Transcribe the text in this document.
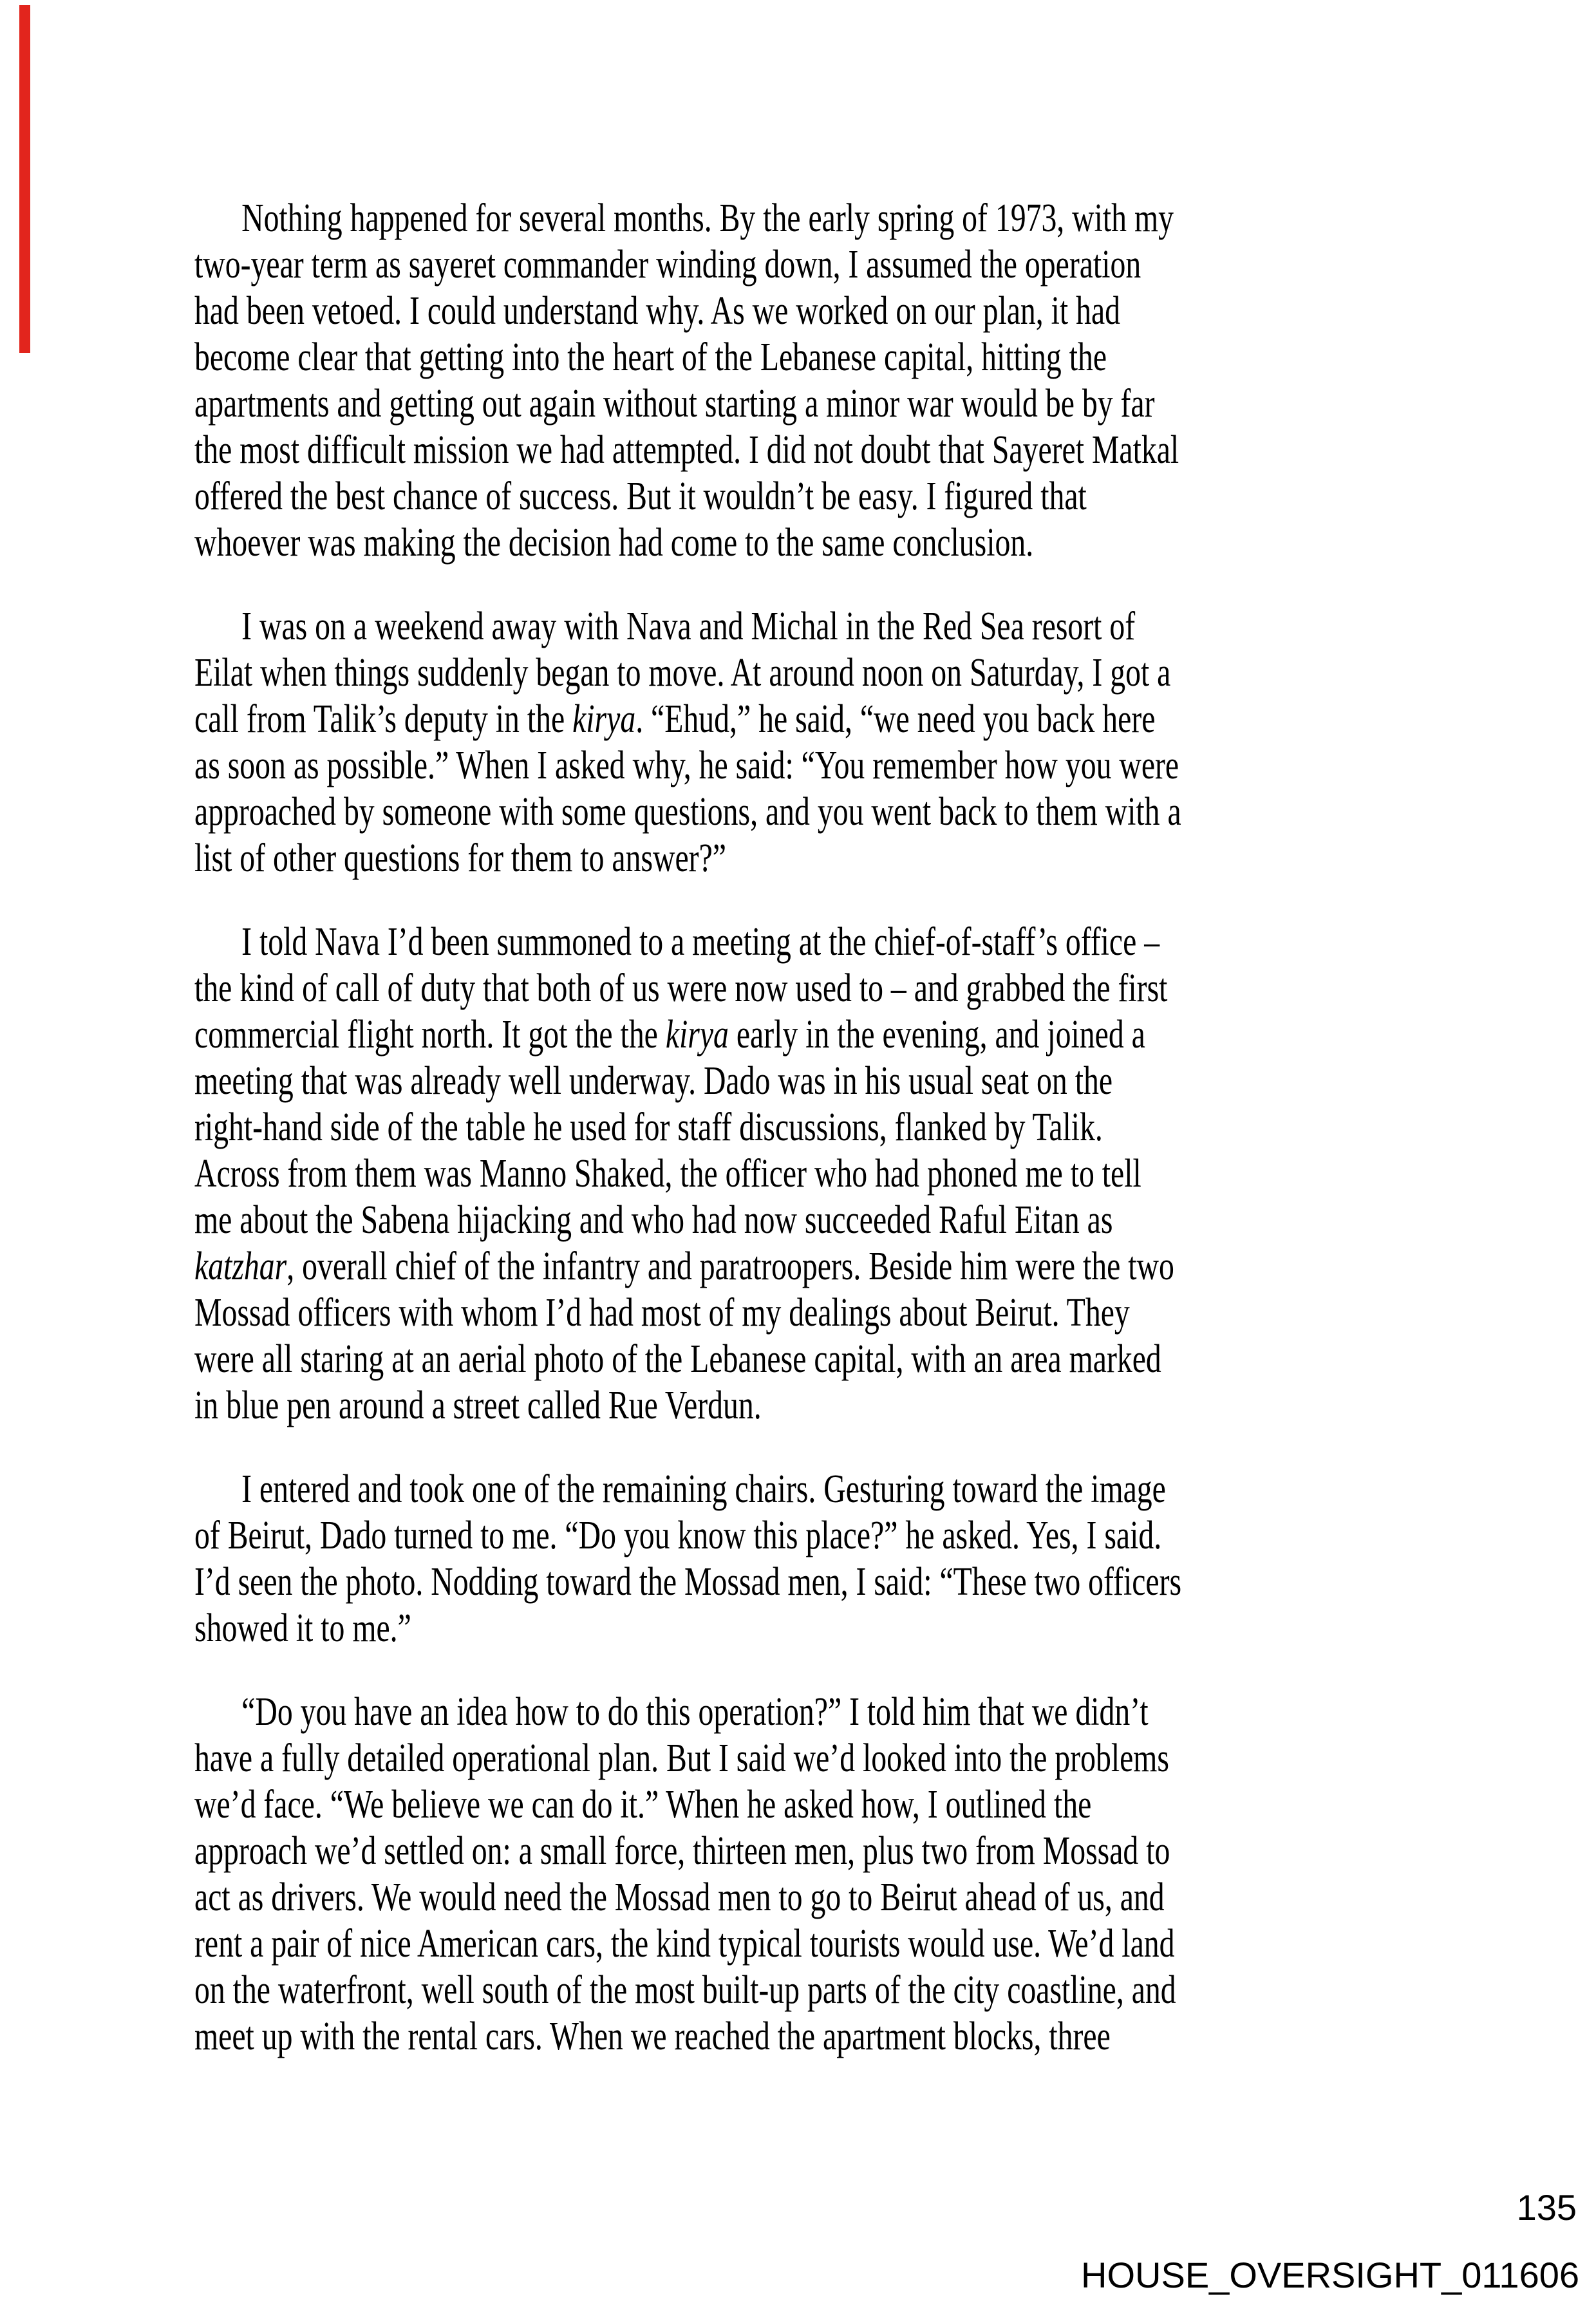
Nothing happened for several months. By the early spring of 1973, with my
two-year term as sayeret commander winding down, I assumed the operation
had been vetoed. I could understand why. As we worked on our plan, it had
become clear that getting into the heart of the Lebanese capital, hitting the
apartments and getting out again without starting a minor war would be by far
the most difficult mission we had attempted. I did not doubt that Sayeret Matkal
offered the best chance of success. But it wouldn’t be easy. I figured that
whoever was making the decision had come to the same conclusion.
I was on a weekend away with Nava and Michal in the Red Sea resort of
Eilat when things suddenly began to move. At around noon on Saturday, I got a
call from Talik’s deputy in the kirya. “Ehud,” he said, “we need you back here
as soon as possible.” When I asked why, he said: “You remember how you were
approached by someone with some questions, and you went back to them with a
list of other questions for them to answer?”
I told Nava I’d been summoned to a meeting at the chief-of-staff’s office –
the kind of call of duty that both of us were now used to – and grabbed the first
commercial flight north. It got the the kirya early in the evening, and joined a
meeting that was already well underway. Dado was in his usual seat on the
right-hand side of the table he used for staff discussions, flanked by Talik.
Across from them was Manno Shaked, the officer who had phoned me to tell
me about the Sabena hijacking and who had now succeeded Raful Eitan as
katzhar, overall chief of the infantry and paratroopers. Beside him were the two
Mossad officers with whom I’d had most of my dealings about Beirut. They
were all staring at an aerial photo of the Lebanese capital, with an area marked
in blue pen around a street called Rue Verdun.
I entered and took one of the remaining chairs. Gesturing toward the image
of Beirut, Dado turned to me. “Do you know this place?” he asked. Yes, I said.
I’d seen the photo. Nodding toward the Mossad men, I said: “These two officers
showed it to me.”
“Do you have an idea how to do this operation?” I told him that we didn’t
have a fully detailed operational plan. But I said we’d looked into the problems
we’d face. “We believe we can do it.” When he asked how, I outlined the
approach we’d settled on: a small force, thirteen men, plus two from Mossad to
act as drivers. We would need the Mossad men to go to Beirut ahead of us, and
rent a pair of nice American cars, the kind typical tourists would use. We’d land
on the waterfront, well south of the most built-up parts of the city coastline, and
meet up with the rental cars. When we reached the apartment blocks, three
135
HOUSE_OVERSIGHT_011606
